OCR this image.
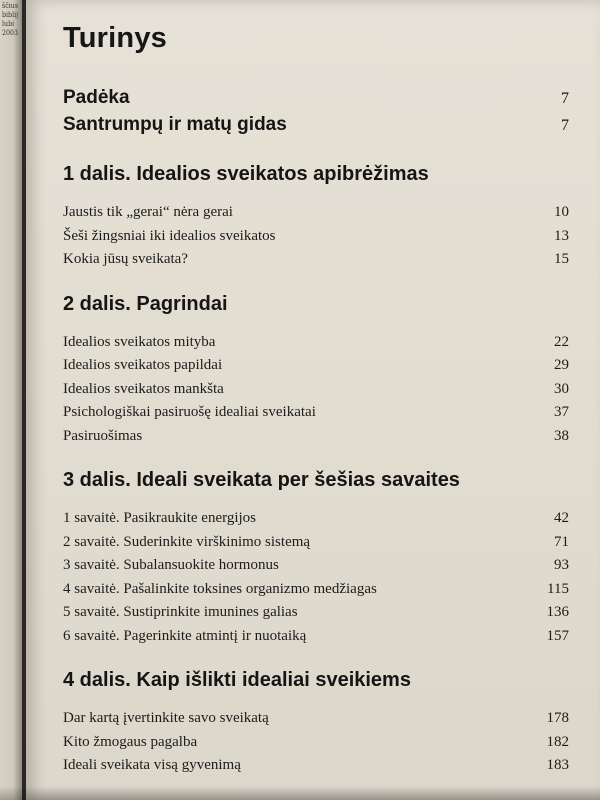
ščius
biblij
lubi
2003 Turinys
Padėka	7
Santrumpų ir matų gidas	7
1 dalis. Idealios sveikatos apibrėžimas
Jaustis tik „gerai“ nėra gerai	10
Šeši žingsniai iki idealios sveikatos	13
Kokia jūsų sveikata?	15
2 dalis. Pagrindai
Idealios sveikatos mityba	22
Idealios sveikatos papildai	29
Idealios sveikatos mankšta	30
Psichologiškai pasiruošę idealiai sveikatai	37
Pasiruošimas	38
3 dalis. Ideali sveikata per šešias savaites
1 savaitė. Pasikraukite energijos	42
2 savaitė. Suderinkite virškinimo sistemą	71
3 savaitė. Subalansuokite hormonus	93
4 savaitė. Pašalinkite toksines organizmo medžiagas	115
5 savaitė. Sustiprinkite imunines galias	136
6 savaitė. Pagerinkite atmintį ir nuotaiką	157
4 dalis. Kaip išlikti idealiai sveikiems
Dar kartą įvertinkite savo sveikatą	178
Kito žmogaus pagalba	182
Ideali sveikata visą gyvenimą	183
